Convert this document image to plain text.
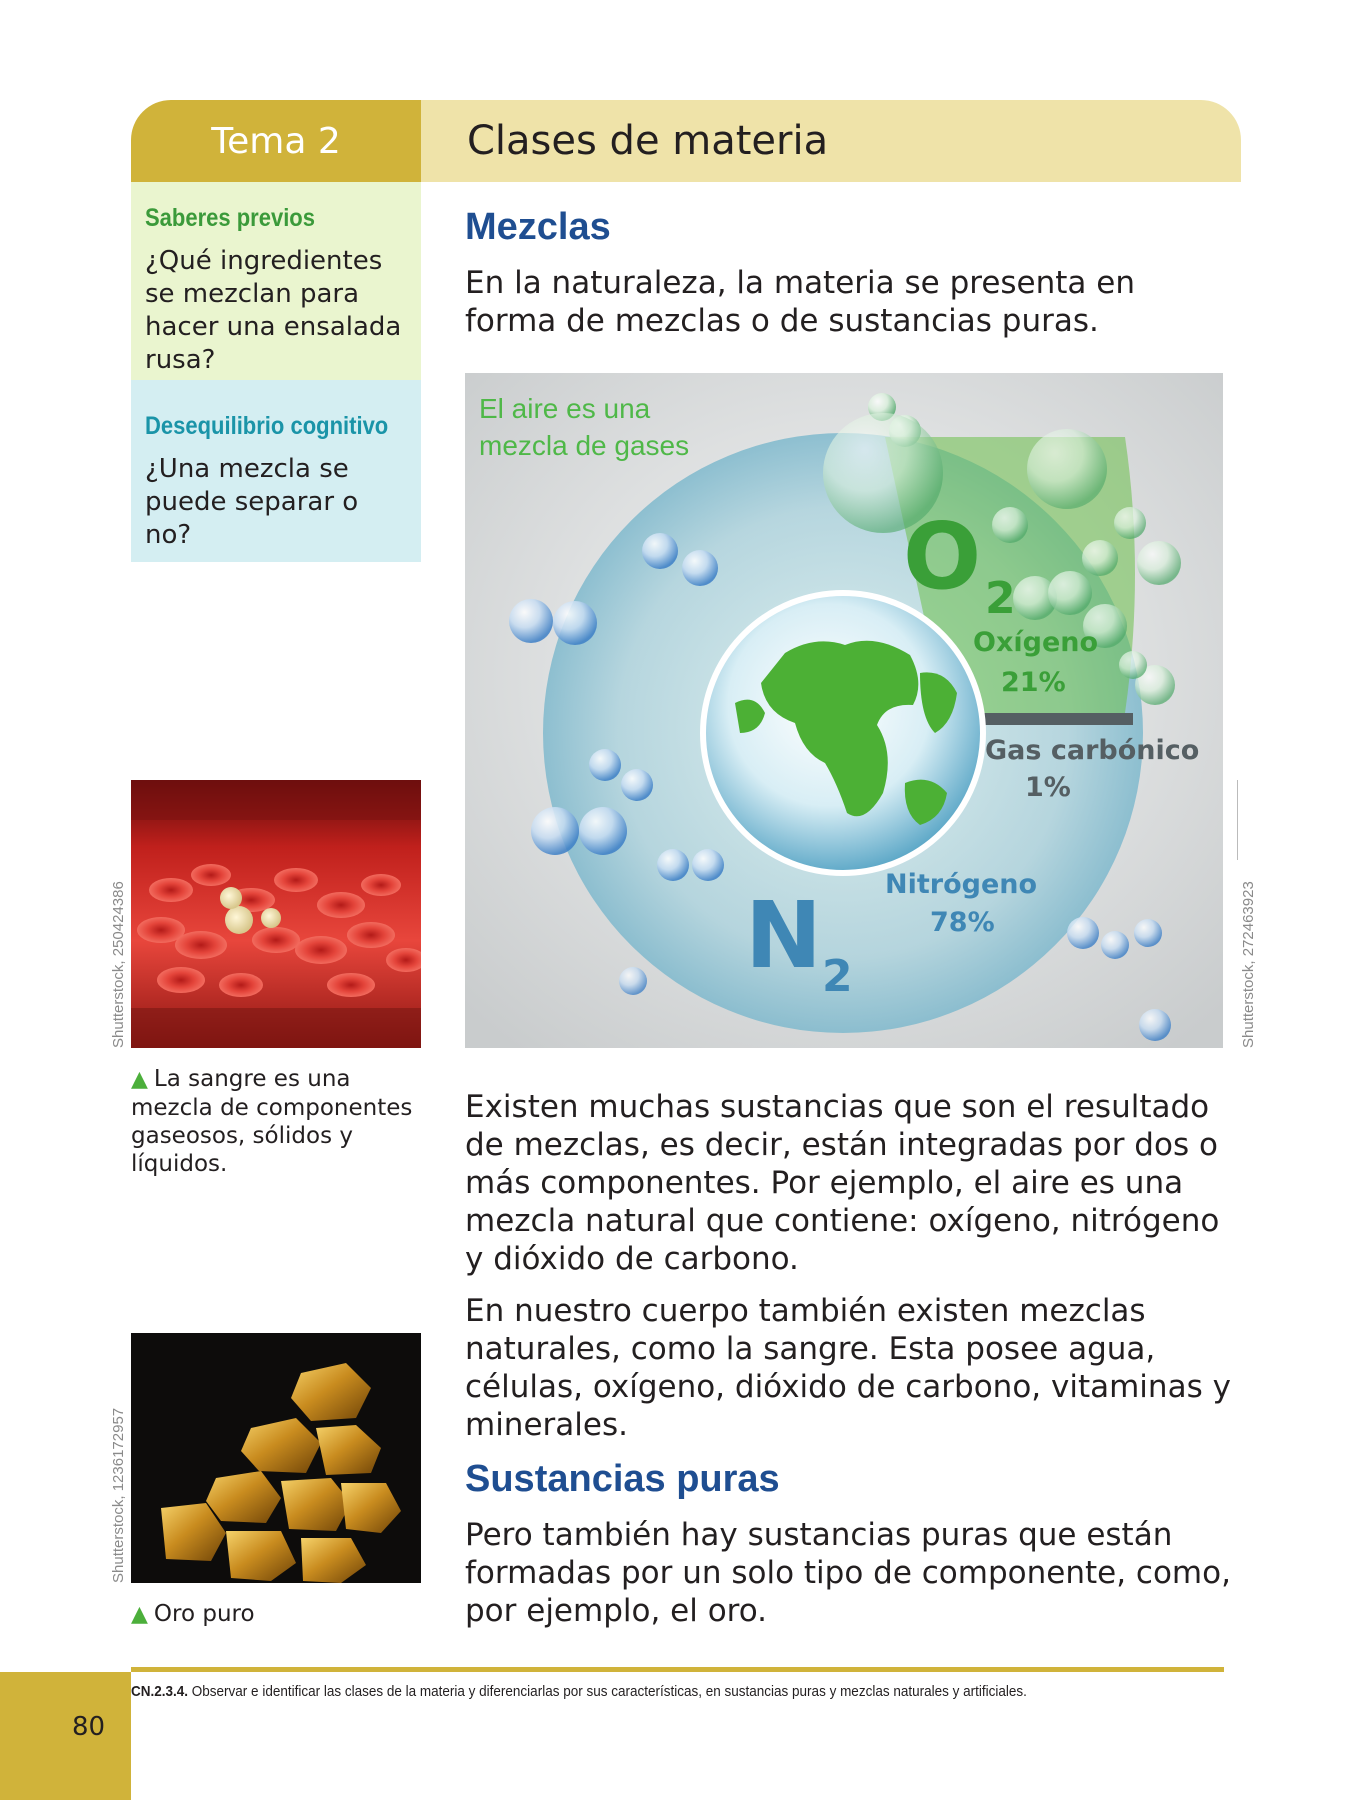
Tema 2	Clases de materia
Saberes previos
¿Qué ingredientes se mezclan para hacer una ensalada rusa?
Desequilibrio cognitivo
¿Una mezcla se puede separar o no?
Shutterstock, 250424386
▲ La sangre es una mezcla de componentes gaseosos, sólidos y líquidos.
Shutterstock, 1236172957
▲ Oro puro
Mezclas
En la naturaleza, la materia se presenta en forma de mezclas o de sustancias puras.
El aire es una
mezcla de gases
O 2
Oxígeno
21%
Gas carbónico
1%
Nitrógeno
78%
N 2	Shutterstock, 272463923
Existen muchas sustancias que son el resultado de mezclas, es decir, están integradas por dos o más componentes. Por ejemplo, el aire es una mezcla natural que contiene: oxígeno, nitrógeno y dióxido de carbono.
En nuestro cuerpo también existen mezclas naturales, como la sangre. Esta posee agua, células, oxígeno, dióxido de carbono, vitaminas y minerales.
Sustancias puras
Pero también hay sustancias puras que están formadas por un solo tipo de componente, como, por ejemplo, el oro.
CN.2.3.4. Observar e identificar las clases de la materia y diferenciarlas por sus características, en sustancias puras y mezclas naturales y artificiales.
80
